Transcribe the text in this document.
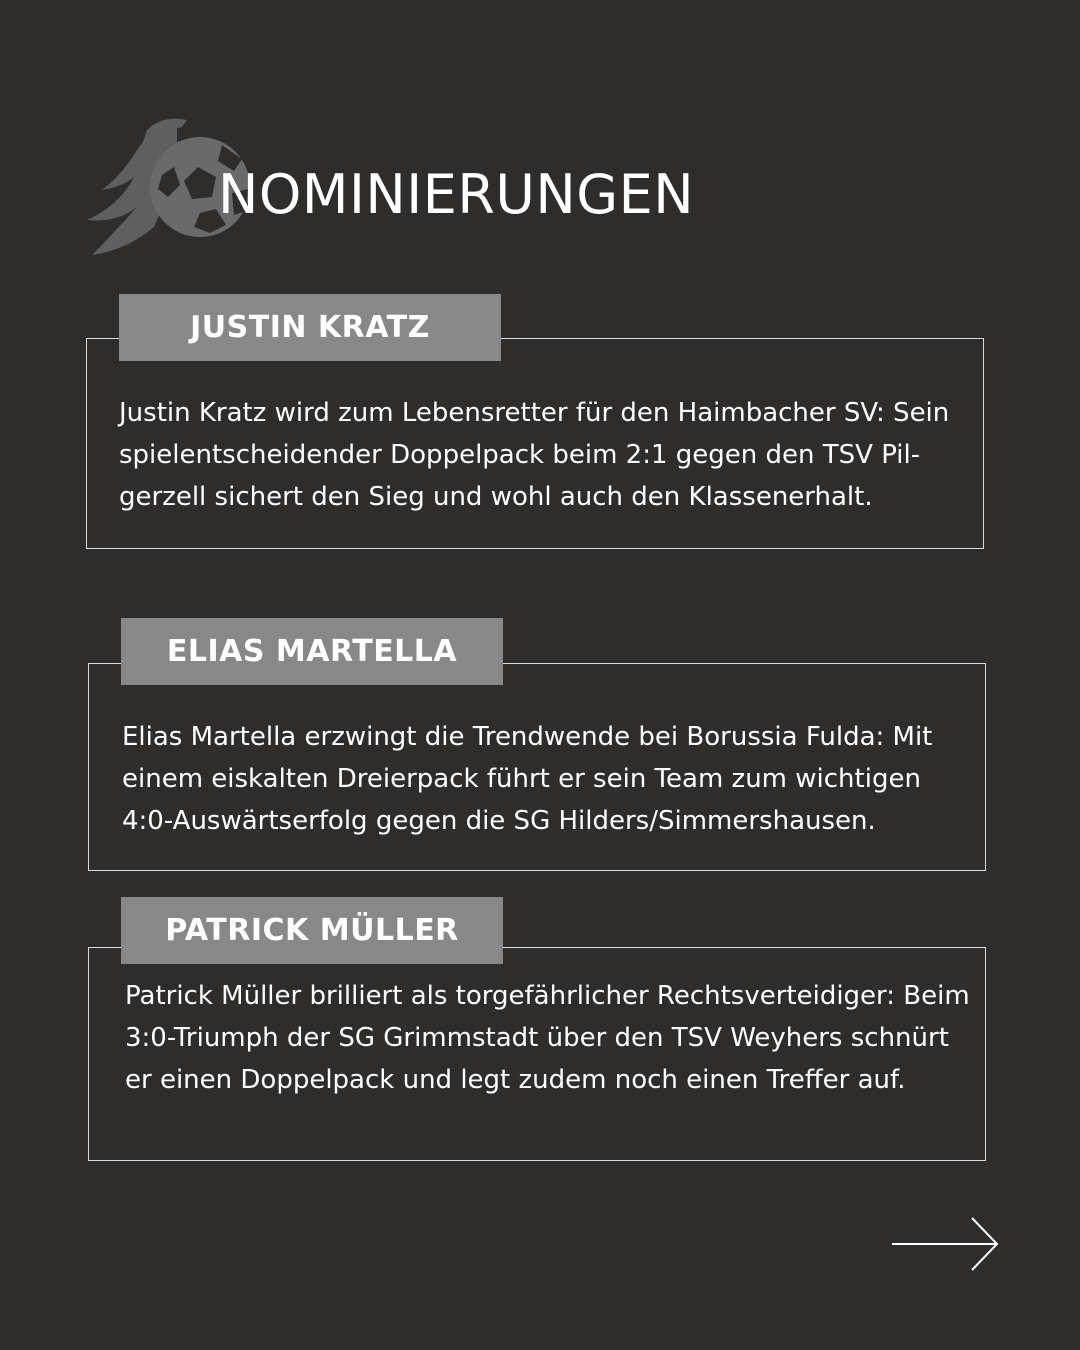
NOMINIERUNGEN
JUSTIN KRATZ

Justin Kratz wird zum Lebensretter für den Haimbacher SV: Sein spielentscheidender Doppelpack beim 2:1 gegen den TSV Pilgerzell sichert den Sieg und wohl auch den Klassenerhalt.

ELIAS MARTELLA

Elias Martella erzwingt die Trendwende bei Borussia Fulda: Mit einem eiskalten Dreierpack führt er sein Team zum wichtigen 4:0-Auswärtserfolg gegen die SG Hilders/Simmershausen.

PATRICK MÜLLER

Patrick Müller brilliert als torgefährlicher Rechtsverteidiger: Beim 3:0-Triumph der SG Grimmstadt über den TSV Weyhers schnürt er einen Doppelpack und legt zudem noch einen Treffer auf.
